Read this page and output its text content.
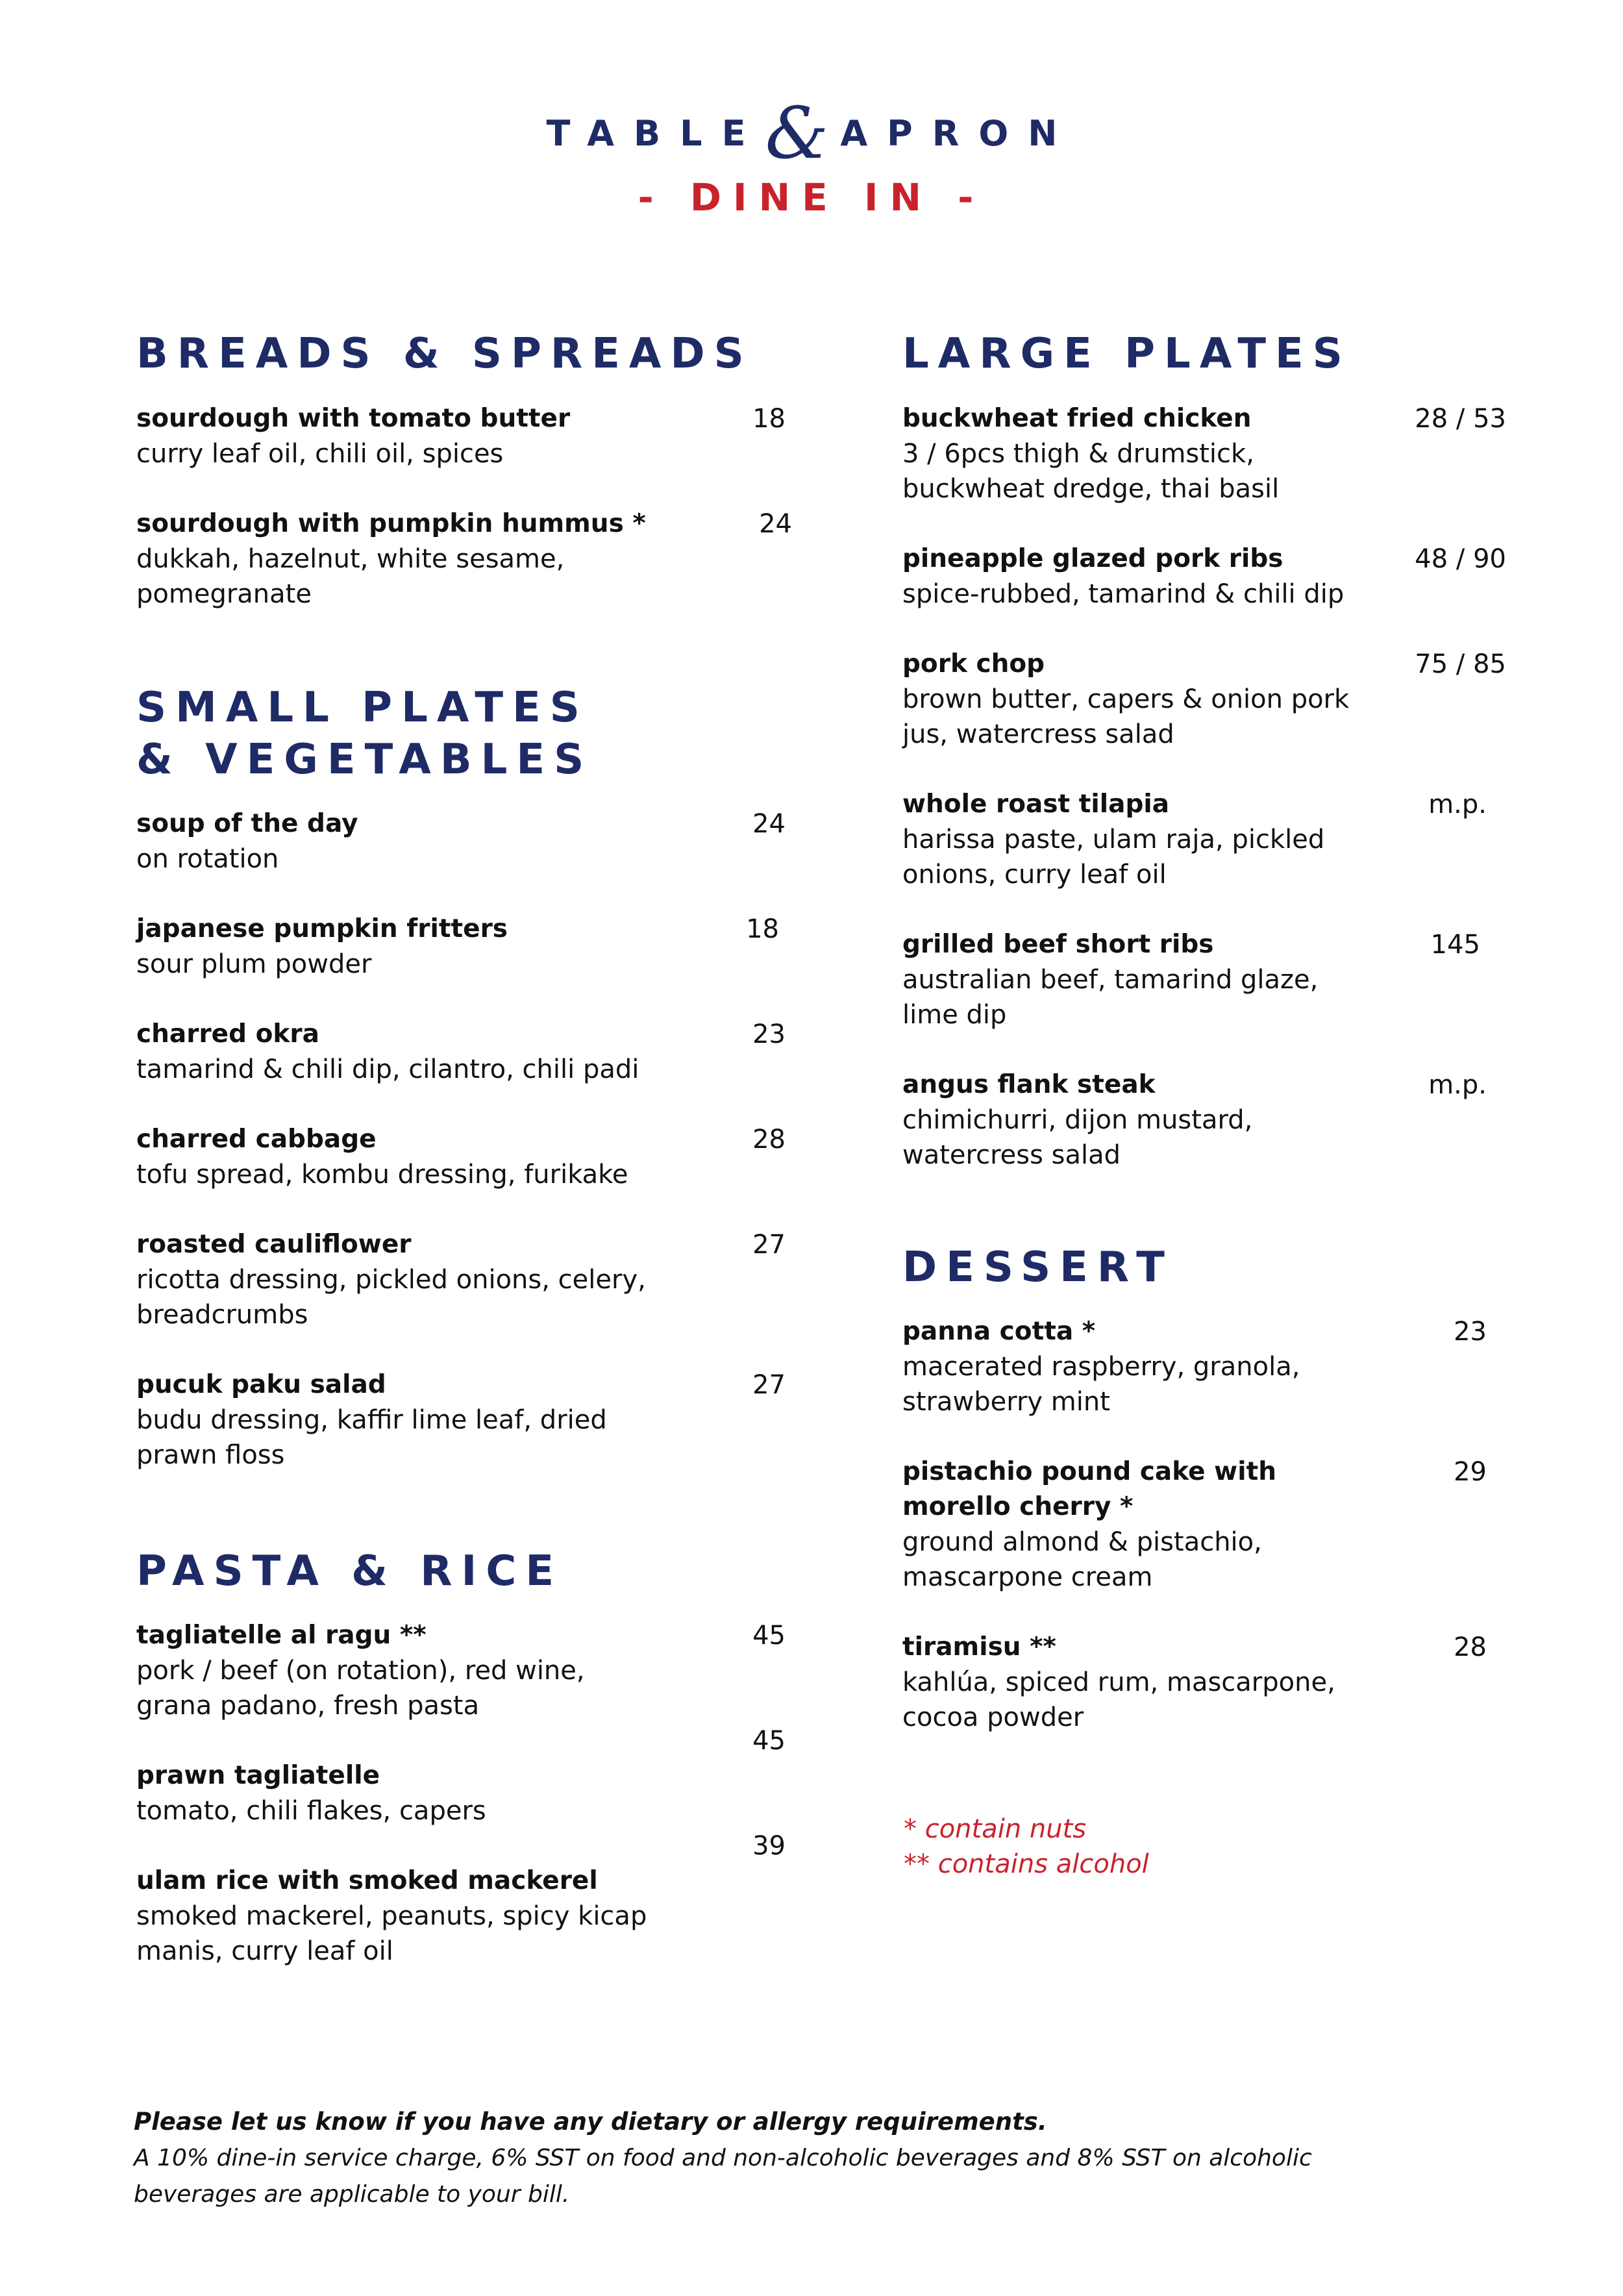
TABLE & APRON
- DINE IN -
BREADS & SPREADS
sourdough with tomato butter
curry leaf oil, chili oil, spices
18
sourdough with pumpkin hummus *
dukkah, hazelnut, white sesame,
pomegranate
24
SMALL PLATES
& VEGETABLES
soup of the day
on rotation
24
japanese pumpkin fritters
sour plum powder
18
charred okra
tamarind & chili dip, cilantro, chili padi
23
charred cabbage
tofu spread, kombu dressing, furikake
28
roasted cauliflower
ricotta dressing, pickled onions, celery,
breadcrumbs
27
pucuk paku salad
budu dressing, kaffir lime leaf, dried
prawn floss
27
PASTA & RICE
tagliatelle al ragu **
pork / beef (on rotation), red wine,
grana padano, fresh pasta
45
45
prawn tagliatelle
tomato, chili flakes, capers
39
ulam rice with smoked mackerel
smoked mackerel, peanuts, spicy kicap
manis, curry leaf oil
LARGE PLATES
buckwheat fried chicken
3 / 6pcs thigh & drumstick,
buckwheat dredge, thai basil
28 / 53
pineapple glazed pork ribs
spice-rubbed, tamarind & chili dip
48 / 90
pork chop
brown butter, capers & onion pork
jus, watercress salad
75 / 85
whole roast tilapia
harissa paste, ulam raja, pickled
onions, curry leaf oil
m.p.
grilled beef short ribs
australian beef, tamarind glaze,
lime dip
145
angus flank steak
chimichurri, dijon mustard,
watercress salad
m.p.
DESSERT
panna cotta *
macerated raspberry, granola,
strawberry mint
23
pistachio pound cake with
morello cherry *
ground almond & pistachio,
mascarpone cream
29
tiramisu **
kahlúa, spiced rum, mascarpone,
cocoa powder
28
* contain nuts
** contains alcohol
Please let us know if you have any dietary or allergy requirements.
A 10% dine-in service charge, 6% SST on food and non-alcoholic beverages and 8% SST on alcoholic
beverages are applicable to your bill.
